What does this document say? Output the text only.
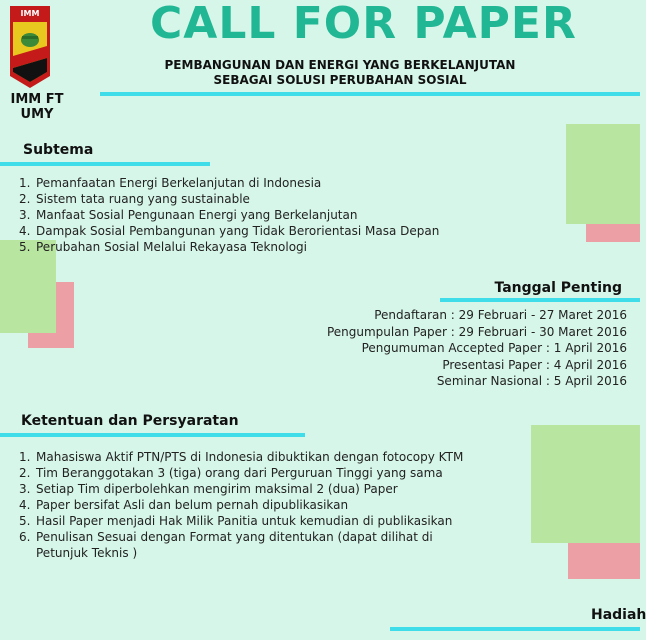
IMM
IMM FT
UMY
CALL FOR PAPER
PEMBANGUNAN DAN ENERGI YANG BERKELANJUTAN
SEBAGAI SOLUSI PERUBAHAN SOSIAL
Subtema
1. Pemanfaatan Energi Berkelanjutan di Indonesia
2. Sistem tata ruang yang sustainable
3. Manfaat Sosial Pengunaan Energi yang Berkelanjutan
4. Dampak Sosial Pembangunan yang Tidak Berorientasi Masa Depan
5. Perubahan Sosial Melalui Rekayasa Teknologi
Tanggal Penting
Pendaftaran : 29 Februari - 27 Maret 2016
Pengumpulan Paper : 29 Februari - 30 Maret 2016
Pengumuman Accepted Paper : 1 April 2016
Presentasi Paper : 4 April 2016
Seminar Nasional : 5 April 2016
Ketentuan dan Persyaratan
1. Mahasiswa Aktif PTN/PTS di Indonesia dibuktikan dengan fotocopy KTM
2. Tim Beranggotakan 3 (tiga) orang dari Perguruan Tinggi yang sama
3. Setiap Tim diperbolehkan mengirim maksimal 2 (dua) Paper
4. Paper bersifat Asli dan belum pernah dipublikasikan
5. Hasil Paper menjadi Hak Milik Panitia untuk kemudian di publikasikan
6. Penulisan Sesuai dengan Format yang ditentukan (dapat dilihat di
Petunjuk Teknis )
Hadiah
